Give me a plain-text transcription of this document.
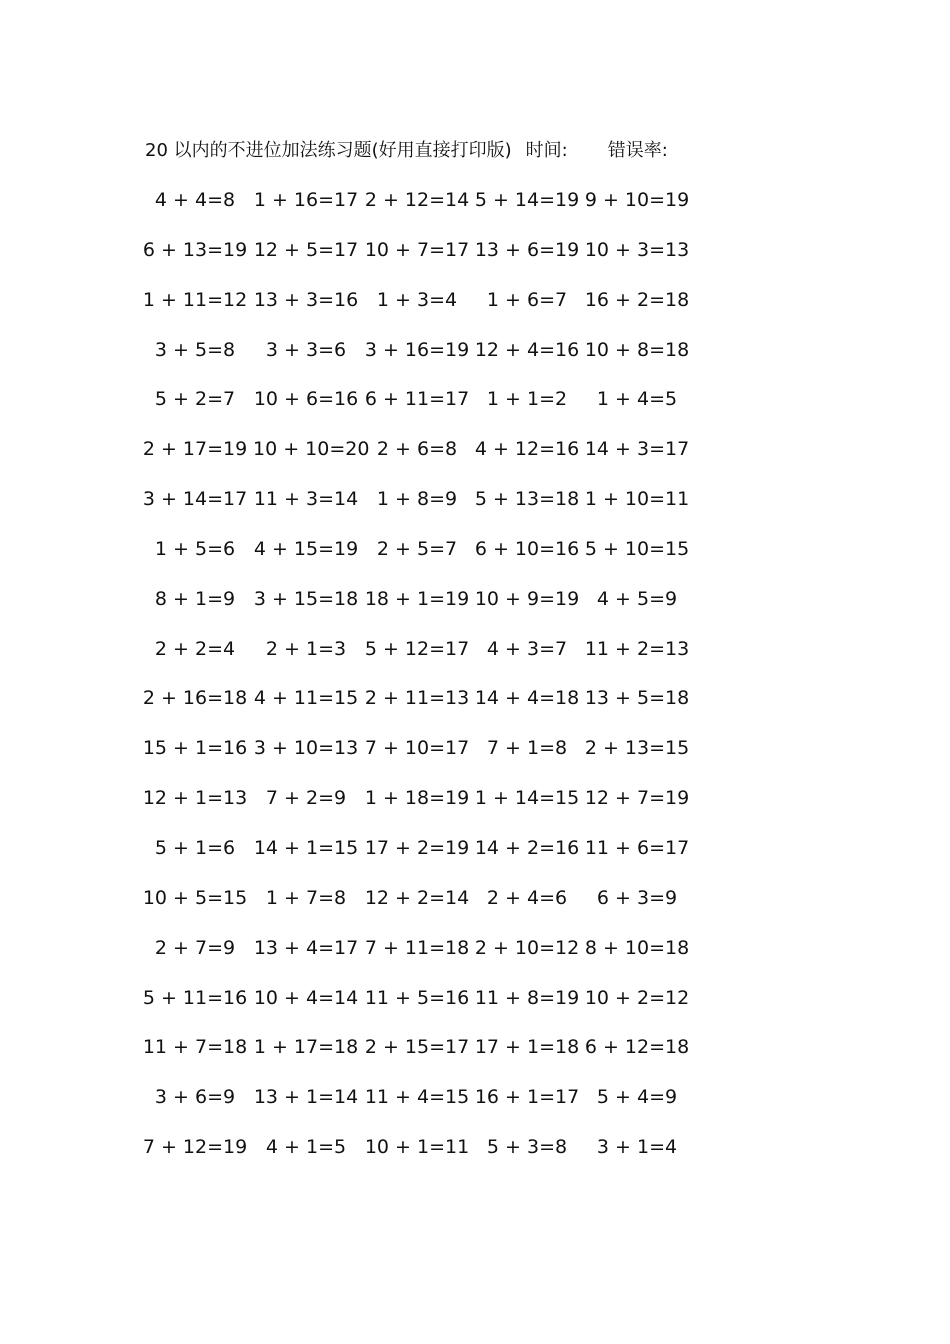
20 以内的不进位加法练习题(好用直接打印版) 时间: 错误率:
4 + 4=8 1 + 16=17 2 + 12=14 5 + 14=19 9 + 10=19
6 + 13=19 12 + 5=17 10 + 7=17 13 + 6=19 10 + 3=13
1 + 11=12 13 + 3=16 1 + 3=4	1 + 6=7 16 + 2=18
3 + 5=8	3 + 3=6 3 + 16=19 12 + 4=16 10 + 8=18
5 + 2=7 10 + 6=16 6 + 11=17 1 + 1=2	1 + 4=5
2 + 17=19 10 + 10=20 2 + 6=8 4 + 12=16 14 + 3=17
3 + 14=17 11 + 3=14 1 + 8=9 5 + 13=18 1 + 10=11
1 + 5=6 4 + 15=19 2 + 5=7 6 + 10=16 5 + 10=15
8 + 1=9 3 + 15=18 18 + 1=19 10 + 9=19 4 + 5=9
2 + 2=4	2 + 1=3 5 + 12=17 4 + 3=7 11 + 2=13
2 + 16=18 4 + 11=15 2 + 11=13 14 + 4=18 13 + 5=18
15 + 1=16 3 + 10=13 7 + 10=17 7 + 1=8 2 + 13=15
12 + 1=13 7 + 2=9 1 + 18=19 1 + 14=15 12 + 7=19
5 + 1=6 14 + 1=15 17 + 2=19 14 + 2=16 11 + 6=17
10 + 5=15 1 + 7=8 12 + 2=14 2 + 4=6	6 + 3=9
2 + 7=9 13 + 4=17 7 + 11=18 2 + 10=12 8 + 10=18
5 + 11=16 10 + 4=14 11 + 5=16 11 + 8=19 10 + 2=12
11 + 7=18 1 + 17=18 2 + 15=17 17 + 1=18 6 + 12=18
3 + 6=9 13 + 1=14 11 + 4=15 16 + 1=17 5 + 4=9
7 + 12=19 4 + 1=5 10 + 1=11 5 + 3=8	3 + 1=4
